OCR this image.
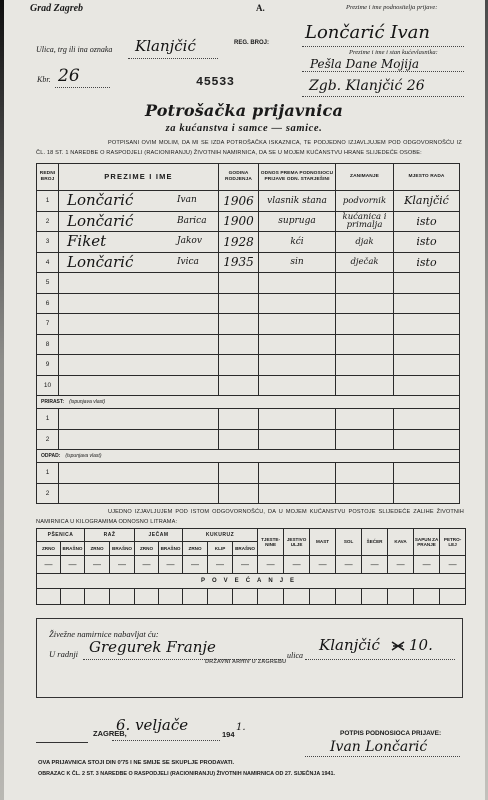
Grad Zagreb	A.	Prezime i ime podnositelja prijave:
Lončarić Ivan
REG. BROJ:
Ulica, trg ili ina oznaka Klanjčić	Prezime i ime i stan kućevlasnika:
Pešla Dane Mojija
Kbr. 26	45533	Zgb. Klanjčić 26
Potrošačka prijavnica
za kućanstva i samce — samice.
POTPISANI OVIM MOLIM, DA MI SE IZDA POTROŠAČKA ISKAZNICA, TE PODJEDNO IZJAVLJUJEM POD ODGOVORNOŠĆU IZ ČL. 18 ST. 1 NAREDBE O RASPODJELI (RACIONIRANJU) ŽIVOTNIH NAMIRNICA, DA SE U MOJEM KUĆANSTVU HRANE SLIJEDEĆE OSOBE:
REDNI BROJ	PREZIME I IME	GODINA RODJENJA	ODNOS PREMA PODNOSIOCU PRIJAVE ODN. STARJEŠINI	ZANIMANJE	MJESTO RADA
1	Lončarić Ivan	1906	vlasnik stana	podvornik	Klanjčić
2	Lončarić Barica	1900	supruga	kućanica i primalja	isto
3	Fiket Jakov	1928	kći	djak	isto
4	Lončarić Ivica	1935	sin	dječak	isto
5	

6	

7	

8	

9	

10	

PRIRAST: (ispunjava vlast)					
1	

2	

ODPAD: (ispunjava vlast)					
1	

2	

UJEDNO IZJAVLJUJEM POD ISTOM ODGOVORNOŠĆU, DA U MOJEM KUĆANSTVU POSTOJE SLIJEDEĆE ZALIHE ŽIVOTNIH NAMIRNICA U KILOGRAMIMA ODNOSNO LITRAMA:
PŠENICA		RAŽ		JEČAM		KUKURUZ			TJESTE-NINE	JESTIVO ULJE	MAST	SOL	ŠEĆER	KAVA	SAPUN ZA PRANJE	PETRO-LEJ
ZRNO	BRAŠNO	ZRNO	BRAŠNO	ZRNO	BRAŠNO	ZRNO	KLIP	BRAŠNO								
—	—	—	—	—	—	—	—	—	—	—	—	—	—	—	—	—
POVEĆANJE																

Živežne namirnice nabavljat ću:
U radnji Gregurek Franje	ulica
Klanjčić 10.
DRŽAVNI ARHIV U ZAGREBU
ZAGREB,
6. veljače
194
1.
POTPIS PODNOSIOCA PRIJAVE:
Ivan Lončarić
OVA PRIJAVNICA STOJI DIN 0'75 I NE SMIJE SE SKUPLJE PRODAVATI.
OBRAZAC K ČL. 2 ST. 3 NAREDBE O RASPODJELI (RACIONIRANJU) ŽIVOTNIH NAMIRNICA OD 27. SIJEČNJA 1941.
